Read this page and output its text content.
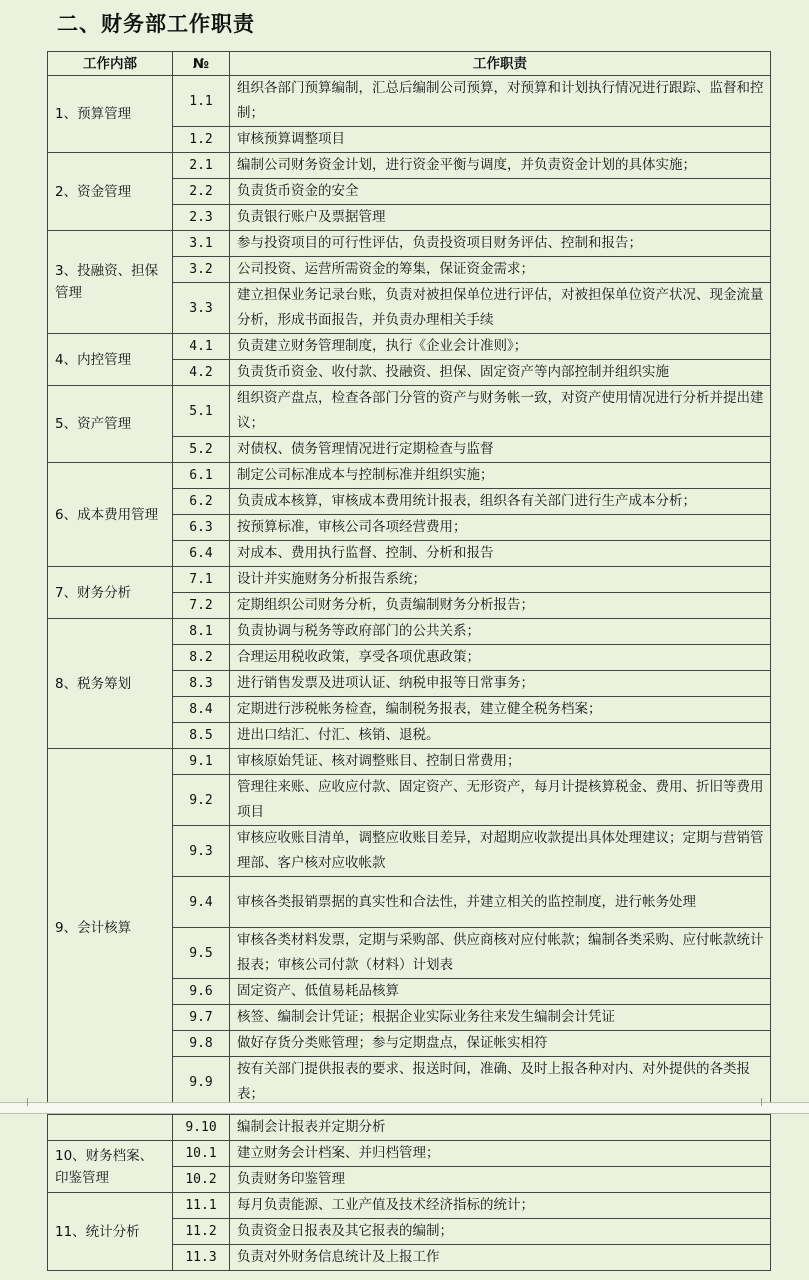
二、财务部工作职责
工作内部	№	工作职责
1、预算管理	1.1	组织各部门预算编制，汇总后编制公司预算，对预算和计划执行情况进行跟踪、监督和控制；
	1.2	审核预算调整项目
2、资金管理	2.1	编制公司财务资金计划，进行资金平衡与调度，并负责资金计划的具体实施；
	2.2	负责货币资金的安全
	2.3	负责银行账户及票据管理
3、投融资、担保管理	3.1	参与投资项目的可行性评估，负责投资项目财务评估、控制和报告；
	3.2	公司投资、运营所需资金的筹集，保证资金需求；
	3.3	建立担保业务记录台账，负责对被担保单位进行评估，对被担保单位资产状况、现金流量分析，形成书面报告，并负责办理相关手续
4、内控管理	4.1	负责建立财务管理制度，执行《企业会计准则》；
	4.2	负责货币资金、收付款、投融资、担保、固定资产等内部控制并组织实施
5、资产管理	5.1	组织资产盘点，检查各部门分管的资产与财务帐一致，对资产使用情况进行分析并提出建议；
	5.2	对债权、债务管理情况进行定期检查与监督
6、成本费用管理	6.1	制定公司标准成本与控制标准并组织实施；
	6.2	负责成本核算，审核成本费用统计报表，组织各有关部门进行生产成本分析；
	6.3	按预算标准，审核公司各项经营费用；
	6.4	对成本、费用执行监督、控制、分析和报告
7、财务分析	7.1	设计并实施财务分析报告系统；
	7.2	定期组织公司财务分析，负责编制财务分析报告；
8、税务筹划	8.1	负责协调与税务等政府部门的公共关系；
	8.2	合理运用税收政策，享受各项优惠政策；
	8.3	进行销售发票及进项认证、纳税申报等日常事务；
	8.4	定期进行涉税帐务检查，编制税务报表，建立健全税务档案；
	8.5	进出口结汇、付汇、核销、退税。
9、会计核算	9.1	审核原始凭证、核对调整账目、控制日常费用；
	9.2	管理往来账、应收应付款、固定资产、无形资产，每月计提核算税金、费用、折旧等费用项目
	9.3	审核应收账目清单，调整应收账目差异，对超期应收款提出具体处理建议；定期与营销管理部、客户核对应收帐款
	9.4	审核各类报销票据的真实性和合法性，并建立相关的监控制度，进行帐务处理
	9.5	审核各类材料发票，定期与采购部、供应商核对应付帐款；编制各类采购、应付帐款统计报表；审核公司付款（材料）计划表
	9.6	固定资产、低值易耗品核算
	9.7	核签、编制会计凭证；根据企业实际业务往来发生编制会计凭证
	9.8	做好存货分类账管理；参与定期盘点，保证帐实相符
	9.9	按有关部门提供报表的要求、报送时间，准确、及时上报各种对内、对外提供的各类报表；
	9.10	编制会计报表并定期分析
10、财务档案、印鉴管理	10.1	建立财务会计档案、并归档管理；
	10.2	负责财务印鉴管理
11、统计分析	11.1	每月负责能源、工业产值及技术经济指标的统计；
	11.2	负责资金日报表及其它报表的编制；
	11.3	负责对外财务信息统计及上报工作
